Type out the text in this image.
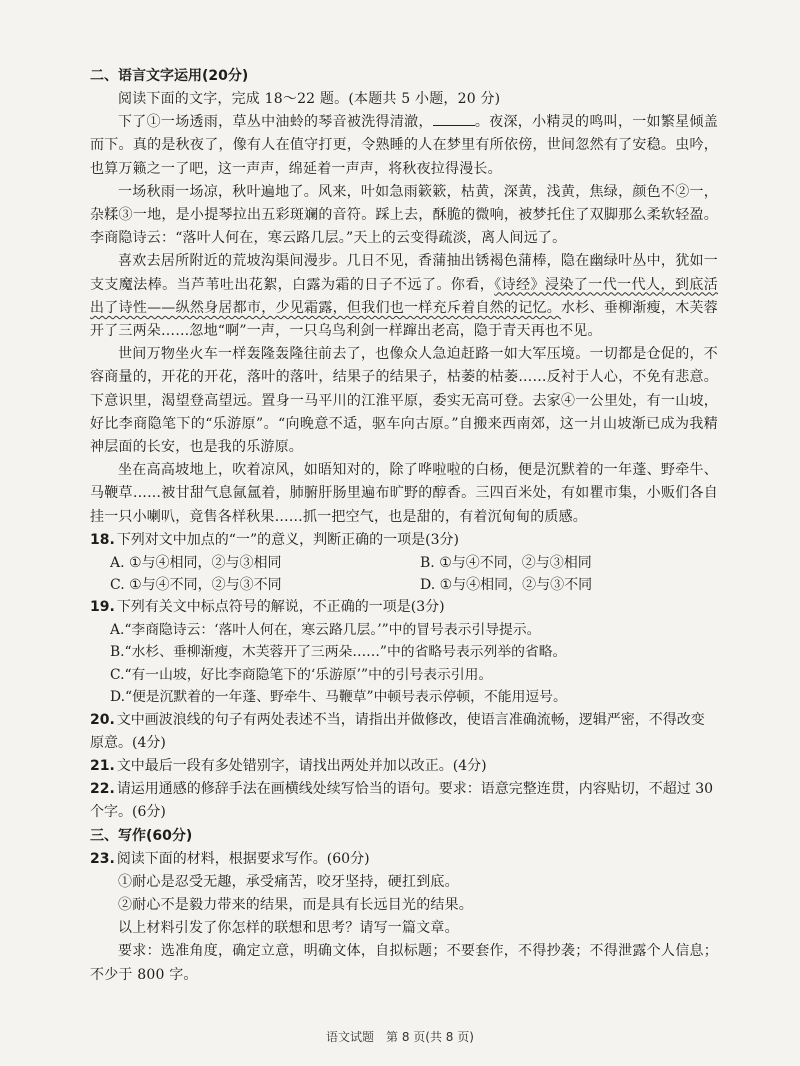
二、语言文字运用(20分)

阅读下面的文字，完成 18～22 题。(本题共 5 小题，20 分)

下了①一场透雨，草丛中油蛉的琴音被洗得清澈，	。夜深，小精灵的鸣叫，一如繁星倾盖而下。真的是秋夜了，像有人在值守打更，令熟睡的人在梦里有所依傍，世间忽然有了安稳。虫吟，也算万籁之一了吧，这一声声，绵延着一声声，将秋夜拉得漫长。

一场秋雨一场凉，秋叶遍地了。风来，叶如急雨簌簌，枯黄，深黄，浅黄，焦绿，颜色不②一，杂糅③一地，是小提琴拉出五彩斑斓的音符。踩上去，酥脆的微响，被梦托住了双脚那么柔软轻盈。李商隐诗云：“落叶人何在，寒云路几层。”天上的云变得疏淡，离人间远了。

喜欢去居所附近的荒坡沟渠间漫步。几日不见，香蒲抽出锈褐色蒲棒，隐在幽绿叶丛中，犹如一支支魔法棒。当芦苇吐出花絮，白露为霜的日子不远了。你看，《诗经》浸染了一代一代人，到底活出了诗性——纵然身居都市，少见霜露，但我们也一样充斥着自然的记忆。水杉、垂柳渐瘦，木芙蓉开了三两朵……忽地“啊”一声，一只乌鸟利剑一样蹿出老高，隐于青天再也不见。

世间万物坐火车一样轰隆轰隆往前去了，也像众人急迫赶路一如大军压境。一切都是仓促的，不容商量的，开花的开花，落叶的落叶，结果子的结果子，枯萎的枯萎……反衬于人心，不免有悲意。下意识里，渴望登高望远。置身一马平川的江淮平原，委实无高可登。去家④一公里处，有一山坡，好比李商隐笔下的“乐游原”。“向晚意不适，驱车向古原。”自搬来西南郊，这一爿山坡渐已成为我精神层面的长安，也是我的乐游原。

坐在高高坡地上，吹着凉风，如晤知对的，除了哗啦啦的白杨，便是沉默着的一年蓬、野牵牛、马鞭草……被甘甜气息氤氲着，肺腑肝肠里遍布旷野的醇香。三四百米处，有如瞿市集，小贩们各自挂一只小喇叭，竟售各样秋果……抓一把空气，也是甜的，有着沉甸甸的质感。

18. 下列对文中加点的“一”的意义，判断正确的一项是(3分)
A. ①与④相同，②与③相同	B. ①与④不同，②与③相同
C. ①与④不同，②与③不同	D. ①与④相同，②与③不同
19. 下列有关文中标点符号的解说，不正确的一项是(3分)
A.“李商隐诗云：‘落叶人何在，寒云路几层。’”中的冒号表示引导提示。
B.“水杉、垂柳渐瘦，木芙蓉开了三两朵……”中的省略号表示列举的省略。
C.“有一山坡，好比李商隐笔下的‘乐游原’”中的引号表示引用。
D.“便是沉默着的一年蓬、野牵牛、马鞭草”中顿号表示停顿，不能用逗号。
20. 文中画波浪线的句子有两处表述不当，请指出并做修改，使语言准确流畅，逻辑严密，不得改变原意。(4分)
21. 文中最后一段有多处错别字，请找出两处并加以改正。(4分)
22. 请运用通感的修辞手法在画横线处续写恰当的语句。要求：语意完整连贯，内容贴切，不超过 30 个字。(6分)
三、写作(60分)
23. 阅读下面的材料，根据要求写作。(60分)

①耐心是忍受无趣，承受痛苦，咬牙坚持，硬扛到底。

②耐心不是毅力带来的结果，而是具有长远目光的结果。

以上材料引发了你怎样的联想和思考？请写一篇文章。

要求：选准角度，确定立意，明确文体，自拟标题；不要套作，不得抄袭；不得泄露个人信息；不少于 800 字。

语文试题　第 8 页(共 8 页)
